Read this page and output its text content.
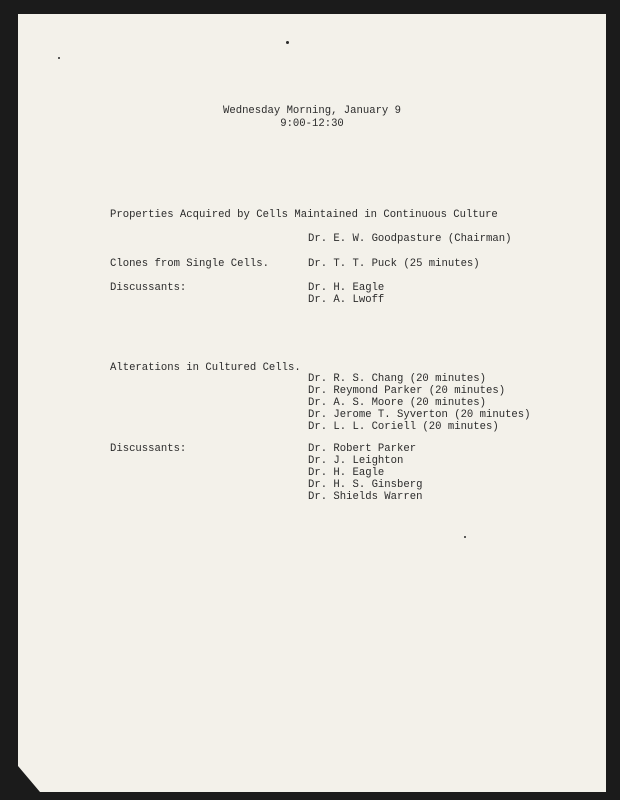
Wednesday Morning, January 9
9:00-12:30
Properties Acquired by Cells Maintained in Continuous Culture
Dr. E. W. Goodpasture (Chairman)
Clones from Single Cells.	Dr. T. T. Puck (25 minutes)
Discussants:	Dr. H. Eagle
Dr. A. Lwoff
Alterations in Cultured Cells.
Dr. R. S. Chang (20 minutes)
Dr. Reymond Parker (20 minutes)
Dr. A. S. Moore (20 minutes)
Dr. Jerome T. Syverton (20 minutes)
Dr. L. L. Coriell (20 minutes)
Discussants:	Dr. Robert Parker
Dr. J. Leighton
Dr. H. Eagle
Dr. H. S. Ginsberg
Dr. Shields Warren
